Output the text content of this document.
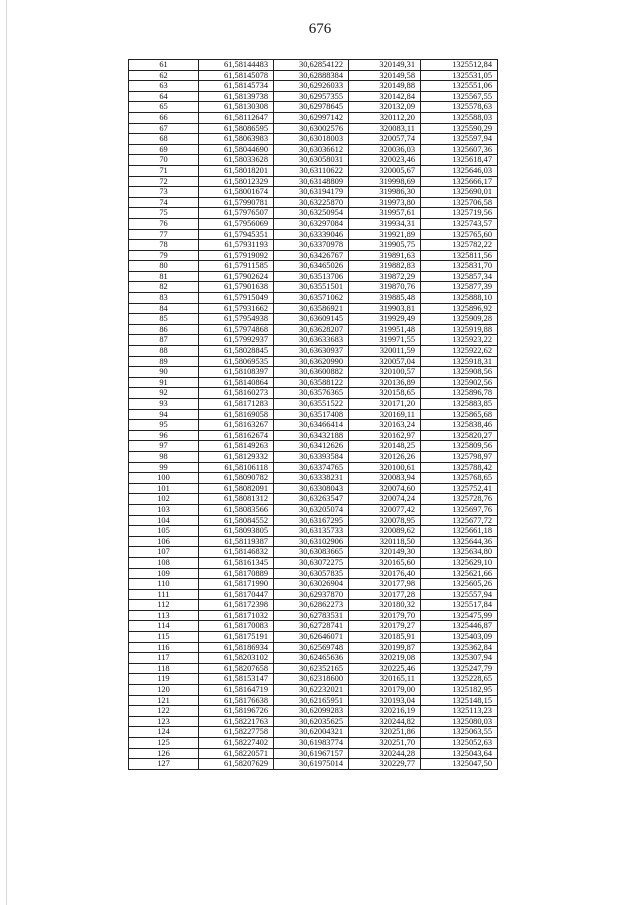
676
61	61,58144483	30,62854122	320149,31	1325512,84
62	61,58145078	30,62888384	320149,58	1325531,05
63	61,58145734	30,62926033	320149,88	1325551,06
64	61,58139738	30,62957355	320142,84	1325567,55
65	61,58130308	30,62978645	320132,09	1325578,63
66	61,58112647	30,62997142	320112,20	1325588,03
67	61,58086595	30,63002576	320083,11	1325590,29
68	61,58063983	30,63018003	320057,74	1325597,94
69	61,58044690	30,63036612	320036,03	1325607,36
70	61,58033628	30,63058031	320023,46	1325618,47
71	61,58018201	30,63110622	320005,67	1325646,03
72	61,58012329	30,63148809	319998,69	1325666,17
73	61,58001674	30,63194179	319986,30	1325690,01
74	61,57990781	30,63225870	319973,80	1325706,58
75	61,57976507	30,63250954	319957,61	1325719,56
76	61,57956069	30,63297084	319934,31	1325743,57
77	61,57945351	30,63339046	319921,89	1325765,60
78	61,57931193	30,63370978	319905,75	1325782,22
79	61,57919092	30,63426767	319891,63	1325811,56
80	61,57911585	30,63465026	319882,83	1325831,70
81	61,57902624	30,63513706	319872,29	1325857,34
82	61,57901638	30,63551501	319870,76	1325877,39
83	61,57915049	30,63571062	319885,48	1325888,10
84	61,57931662	30,63586921	319903,81	1325896,92
85	61,57954938	30,63609145	319929,49	1325909,28
86	61,57974868	30,63628207	319951,48	1325919,88
87	61,57992937	30,63633683	319971,55	1325923,22
88	61,58028845	30,63630937	320011,59	1325922,62
89	61,58069535	30,63620990	320057,04	1325918,31
90	61,58108397	30,63600882	320100,57	1325908,56
91	61,58140864	30,63588122	320136,89	1325902,56
92	61,58160273	30,63576365	320158,65	1325896,78
93	61,58171283	30,63551522	320171,20	1325883,85
94	61,58169058	30,63517408	320169,11	1325865,68
95	61,58163267	30,63466414	320163,24	1325838,46
96	61,58162674	30,63432188	320162,97	1325820,27
97	61,58149263	30,63412626	320148,25	1325809,56
98	61,58129332	30,63393584	320126,26	1325798,97
99	61,58106118	30,63374765	320100,61	1325788,42
100	61,58090782	30,63338231	320083,94	1325768,65
101	61,58082091	30,63308043	320074,60	1325752,41
102	61,58081312	30,63263547	320074,24	1325728,76
103	61,58083566	30,63205074	320077,42	1325697,76
104	61,58084552	30,63167295	320078,95	1325677,72
105	61,58093805	30,63135733	320089,62	1325661,18
106	61,58119387	30,63102906	320118,50	1325644,36
107	61,58146832	30,63083665	320149,30	1325634,80
108	61,58161345	30,63072275	320165,60	1325629,10
109	61,58170889	30,63057835	320176,40	1325621,66
110	61,58171990	30,63026904	320177,98	1325605,26
111	61,58170447	30,62937870	320177,28	1325557,94
112	61,58172398	30,62862273	320180,32	1325517,84
113	61,58171032	30,62783531	320179,70	1325475,99
114	61,58170083	30,62728741	320179,27	1325446,87
115	61,58175191	30,62646071	320185,91	1325403,09
116	61,58186934	30,62569748	320199,87	1325362,84
117	61,58203102	30,62465636	320219,08	1325307,94
118	61,58207658	30,62352165	320225,46	1325247,79
119	61,58153147	30,62318600	320165,11	1325228,65
120	61,58164719	30,62232021	320179,00	1325182,95
121	61,58176638	30,62165951	320193,04	1325148,15
122	61,58196726	30,62099283	320216,19	1325113,23
123	61,58221763	30,62035625	320244,82	1325080,03
124	61,58227758	30,62004321	320251,86	1325063,55
125	61,58227402	30,61983774	320251,70	1325052,63
126	61,58220571	30,61967157	320244,28	1325043,64
127	61,58207629	30,61975014	320229,77	1325047,50
